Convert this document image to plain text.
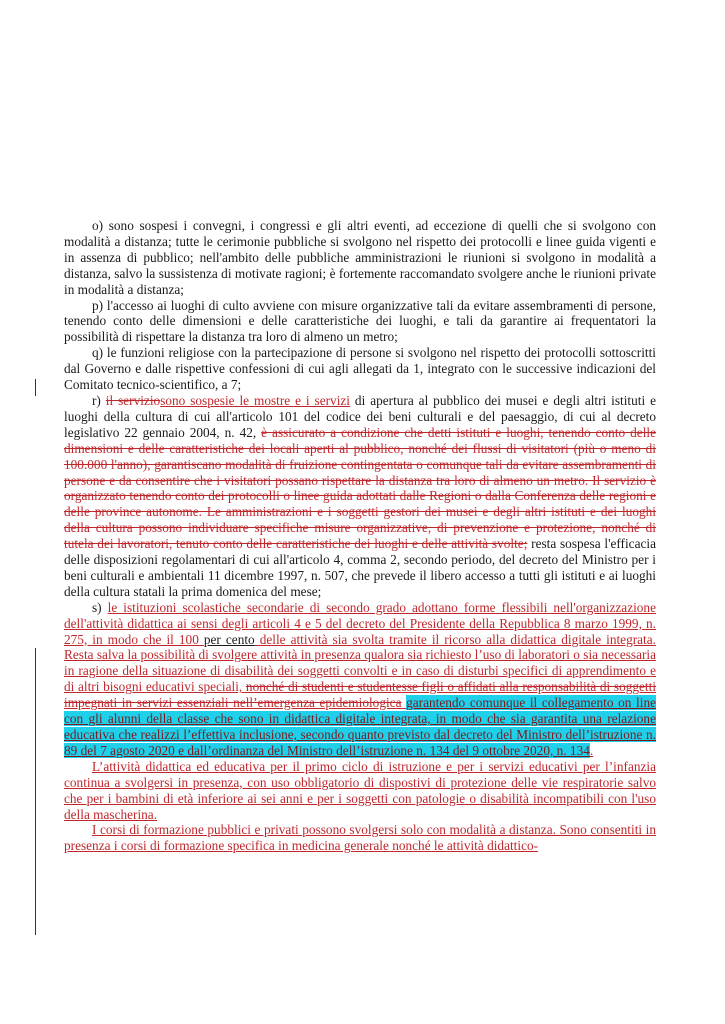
o) sono sospesi i convegni, i congressi e gli altri eventi, ad eccezione di quelli che si svolgono con modalità a distanza; tutte le cerimonie pubbliche si svolgono nel rispetto dei protocolli e linee guida vigenti e in assenza di pubblico; nell'ambito delle pubbliche amministrazioni le riunioni si svolgono in modalità a distanza, salvo la sussistenza di motivate ragioni; è fortemente raccomandato svolgere anche le riunioni private in modalità a distanza;

p) l'accesso ai luoghi di culto avviene con misure organizzative tali da evitare assembramenti di persone, tenendo conto delle dimensioni e delle caratteristiche dei luoghi, e tali da garantire ai frequentatori la possibilità di rispettare la distanza tra loro di almeno un metro;

q) le funzioni religiose con la partecipazione di persone si svolgono nel rispetto dei protocolli sottoscritti dal Governo e dalle rispettive confessioni di cui agli allegati da 1, integrato con le successive indicazioni del Comitato tecnico-scientifico, a 7;

r) il serviziosono sospesie le mostre e i servizi di apertura al pubblico dei musei e degli altri istituti e luoghi della cultura di cui all'articolo 101 del codice dei beni culturali e del paesaggio, di cui al decreto legislativo 22 gennaio 2004, n. 42, è assicurato a condizione che detti istituti e luoghi, tenendo conto delle dimensioni e delle caratteristiche dei locali aperti al pubblico, nonché dei flussi di visitatori (più o meno di 100.000 l'anno), garantiscano modalità di fruizione contingentata o comunque tali da evitare assembramenti di persone e da consentire che i visitatori possano rispettare la distanza tra loro di almeno un metro. Il servizio è organizzato tenendo conto dei protocolli o linee guida adottati dalle Regioni o dalla Conferenza delle regioni e delle province autonome. Le amministrazioni e i soggetti gestori dei musei e degli altri istituti e dei luoghi della cultura possono individuare specifiche misure organizzative, di prevenzione e protezione, nonché di tutela dei lavoratori, tenuto conto delle caratteristiche dei luoghi e delle attività svolte; resta sospesa l'efficacia delle disposizioni regolamentari di cui all'articolo 4, comma 2, secondo periodo, del decreto del Ministro per i beni culturali e ambientali 11 dicembre 1997, n. 507, che prevede il libero accesso a tutti gli istituti e ai luoghi della cultura statali la prima domenica del mese;

s) le istituzioni scolastiche secondarie di secondo grado adottano forme flessibili nell'organizzazione dell'attività didattica ai sensi degli articoli 4 e 5 del decreto del Presidente della Repubblica 8 marzo 1999, n. 275, in modo che il 100 per cento delle attività sia svolta tramite il ricorso alla didattica digitale integrata. Resta salva la possibilità di svolgere attività in presenza qualora sia richiesto l’uso di laboratori o sia necessaria in ragione della situazione di disabilità dei soggetti convolti e in caso di disturbi specifici di apprendimento e di altri bisogni educativi speciali, nonché di studenti e studentesse figli o affidati alla responsabilità di soggetti impegnati in servizi essenziali nell’emergenza epidemiologica garantendo comunque il collegamento on line con gli alunni della classe che sono in didattica digitale integrata, in modo che sia garantita una relazione educativa che realizzi l’effettiva inclusione, secondo quanto previsto dal decreto del Ministro dell’istruzione n. 89 del 7 agosto 2020 e dall’ordinanza del Ministro dell’istruzione n. 134 del 9 ottobre 2020, n. 134.

L’attività didattica ed educativa per il primo ciclo di istruzione e per i servizi educativi per l’infanzia continua a svolgersi in presenza, con uso obbligatorio di dispostivi di protezione delle vie respiratorie salvo che per i bambini di età inferiore ai sei anni e per i soggetti con patologie o disabilità incompatibili con l'uso della mascherina.

I corsi di formazione pubblici e privati possono svolgersi solo con modalità a distanza. Sono consentiti in presenza i corsi di formazione specifica in medicina generale nonché le attività didattico-
